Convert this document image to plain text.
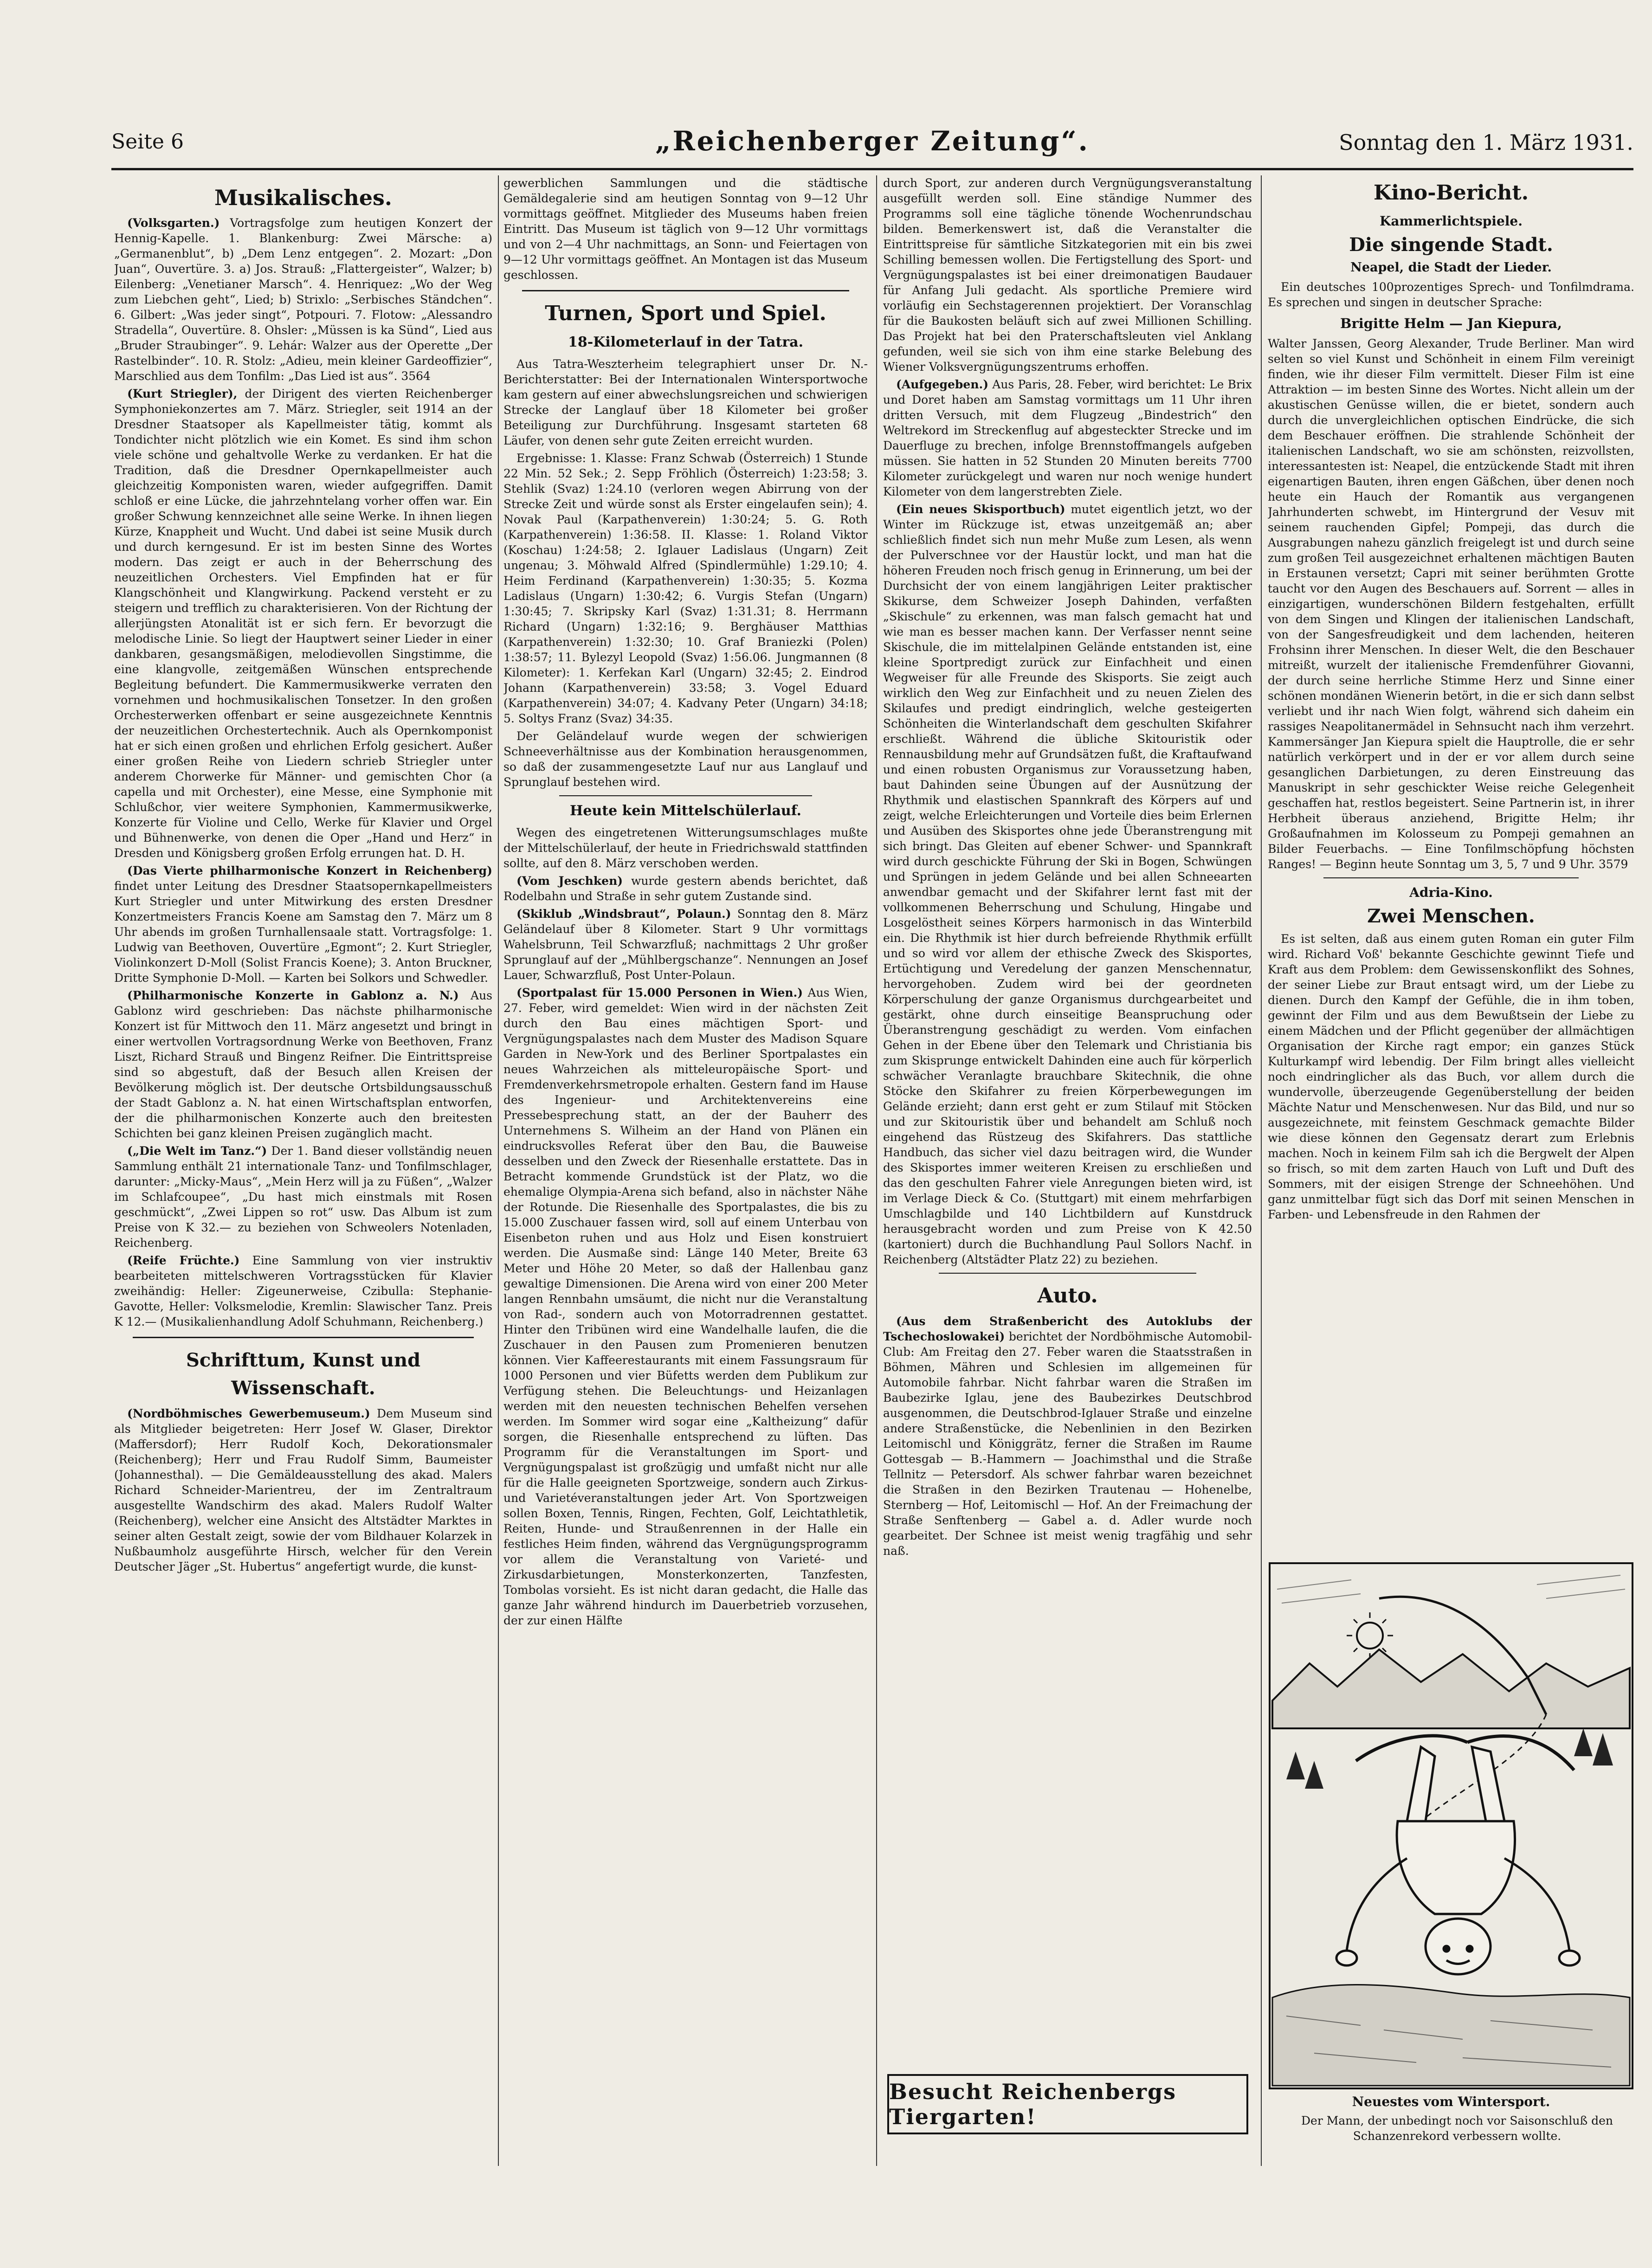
Seite 6	„Reichenberger Zeitung“.	Sonntag den 1. März 1931.
Musikalisches.

(Volksgarten.) Vortragsfolge zum heutigen Konzert der Hennig-Kapelle. 1. Blankenburg: Zwei Märsche: a) „Germanenblut“, b) „Dem Lenz entgegen“. 2. Mozart: „Don Juan“, Ouvertüre. 3. a) Jos. Strauß: „Flattergeister“, Walzer; b) Eilenberg: „Venetianer Marsch“. 4. Henriquez: „Wo der Weg zum Liebchen geht“, Lied; b) Strixlo: „Serbisches Ständchen“. 6. Gilbert: „Was jeder singt“, Potpouri. 7. Flotow: „Alessandro Stradella“, Ouvertüre. 8. Ohsler: „Müssen is ka Sünd“, Lied aus „Bruder Straubinger“. 9. Lehár: Walzer aus der Operette „Der Rastelbinder“. 10. R. Stolz: „Adieu, mein kleiner Gardeoffizier“, Marschlied aus dem Tonfilm: „Das Lied ist aus“. 3564

(Kurt Striegler), der Dirigent des vierten Reichenberger Symphoniekonzertes am 7. März. Striegler, seit 1914 an der Dresdner Staatsoper als Kapellmeister tätig, kommt als Tondichter nicht plötzlich wie ein Komet. Es sind ihm schon viele schöne und gehaltvolle Werke zu verdanken. Er hat die Tradition, daß die Dresdner Opernkapellmeister auch gleichzeitig Komponisten waren, wieder aufgegriffen. Damit schloß er eine Lücke, die jahrzehntelang vorher offen war. Ein großer Schwung kennzeichnet alle seine Werke. In ihnen liegen Kürze, Knappheit und Wucht. Und dabei ist seine Musik durch und durch kerngesund. Er ist im besten Sinne des Wortes modern. Das zeigt er auch in der Beherrschung des neuzeitlichen Orchesters. Viel Empfinden hat er für Klangschönheit und Klangwirkung. Packend versteht er zu steigern und trefflich zu charakterisieren. Von der Richtung der allerjüngsten Atonalität ist er sich fern. Er bevorzugt die melodische Linie. So liegt der Hauptwert seiner Lieder in einer dankbaren, gesangsmäßigen, melodievollen Singstimme, die eine klangvolle, zeitgemäßen Wünschen entsprechende Begleitung befundert. Die Kammermusikwerke verraten den vornehmen und hochmusikalischen Tonsetzer. In den großen Orchesterwerken offenbart er seine ausgezeichnete Kenntnis der neuzeitlichen Orchestertechnik. Auch als Opernkomponist hat er sich einen großen und ehrlichen Erfolg gesichert. Außer einer großen Reihe von Liedern schrieb Striegler unter anderem Chorwerke für Männer- und gemischten Chor (a capella und mit Orchester), eine Messe, eine Symphonie mit Schlußchor, vier weitere Symphonien, Kammermusikwerke, Konzerte für Violine und Cello, Werke für Klavier und Orgel und Bühnenwerke, von denen die Oper „Hand und Herz“ in Dresden und Königsberg großen Erfolg errungen hat. D. H.

(Das Vierte philharmonische Konzert in Reichenberg) findet unter Leitung des Dresdner Staatsopernkapellmeisters Kurt Striegler und unter Mitwirkung des ersten Dresdner Konzertmeisters Francis Koene am Samstag den 7. März um 8 Uhr abends im großen Turnhallensaale statt. Vortragsfolge: 1. Ludwig van Beethoven, Ouvertüre „Egmont“; 2. Kurt Striegler, Violinkonzert D-Moll (Solist Francis Koene); 3. Anton Bruckner, Dritte Symphonie D-Moll. — Karten bei Solkors und Schwedler.

(Philharmonische Konzerte in Gablonz a. N.) Aus Gablonz wird geschrieben: Das nächste philharmonische Konzert ist für Mittwoch den 11. März angesetzt und bringt in einer wertvollen Vortragsordnung Werke von Beethoven, Franz Liszt, Richard Strauß und Bingenz Reifner. Die Eintrittspreise sind so abgestuft, daß der Besuch allen Kreisen der Bevölkerung möglich ist. Der deutsche Ortsbildungsausschuß der Stadt Gablonz a. N. hat einen Wirtschaftsplan entworfen, der die philharmonischen Konzerte auch den breitesten Schichten bei ganz kleinen Preisen zugänglich macht.

(„Die Welt im Tanz.“) Der 1. Band dieser vollständig neuen Sammlung enthält 21 internationale Tanz- und Tonfilmschlager, darunter: „Micky-Maus“, „Mein Herz will ja zu Füßen“, „Walzer im Schlafcoupee“, „Du hast mich einstmals mit Rosen geschmückt“, „Zwei Lippen so rot“ usw. Das Album ist zum Preise von K 32.— zu beziehen von Schweolers Notenladen, Reichenberg.

(Reife Früchte.) Eine Sammlung von vier instruktiv bearbeiteten mittelschweren Vortragsstücken für Klavier zweihändig: Heller: Zigeunerweise, Czibulla: Stephanie-Gavotte, Heller: Volksmelodie, Kremlin: Slawischer Tanz. Preis K 12.— (Musikalienhandlung Adolf Schuhmann, Reichenberg.)

Schrifttum, Kunst und Wissenschaft.

(Nordböhmisches Gewerbemuseum.) Dem Museum sind als Mitglieder beigetreten: Herr Josef W. Glaser, Direktor (Maffersdorf); Herr Rudolf Koch, Dekorationsmaler (Reichenberg); Herr und Frau Rudolf Simm, Baumeister (Johannesthal). — Die Gemäldeausstellung des akad. Malers Richard Schneider-Marientreu, der im Zentraltraum ausgestellte Wandschirm des akad. Malers Rudolf Walter (Reichenberg), welcher eine Ansicht des Altstädter Marktes in seiner alten Gestalt zeigt, sowie der vom Bildhauer Kolarzek in Nußbaumholz ausgeführte Hirsch, welcher für den Verein Deutscher Jäger „St. Hubertus“ angefertigt wurde, die kunst-

gewerblichen Sammlungen und die städtische Gemäldegalerie sind am heutigen Sonntag von 9—12 Uhr vormittags geöffnet. Mitglieder des Museums haben freien Eintritt. Das Museum ist täglich von 9—12 Uhr vormittags und von 2—4 Uhr nachmittags, an Sonn- und Feiertagen von 9—12 Uhr vormittags geöffnet. An Montagen ist das Museum geschlossen.

Turnen, Sport und Spiel.
18-Kilometerlauf in der Tatra.

Aus Tatra-Weszterheim telegraphiert unser Dr. N.-Berichterstatter: Bei der Internationalen Wintersportwoche kam gestern auf einer abwechslungsreichen und schwierigen Strecke der Langlauf über 18 Kilometer bei großer Beteiligung zur Durchführung. Insgesamt starteten 68 Läufer, von denen sehr gute Zeiten erreicht wurden.

Ergebnisse: 1. Klasse: Franz Schwab (Österreich) 1 Stunde 22 Min. 52 Sek.; 2. Sepp Fröhlich (Österreich) 1:23:58; 3. Stehlik (Svaz) 1:24.10 (verloren wegen Abirrung von der Strecke Zeit und würde sonst als Erster eingelaufen sein); 4. Novak Paul (Karpathenverein) 1:30:24; 5. G. Roth (Karpathenverein) 1:36:58. II. Klasse: 1. Roland Viktor (Koschau) 1:24:58; 2. Iglauer Ladislaus (Ungarn) Zeit ungenau; 3. Möhwald Alfred (Spindlermühle) 1:29.10; 4. Heim Ferdinand (Karpathenverein) 1:30:35; 5. Kozma Ladislaus (Ungarn) 1:30:42; 6. Vurgis Stefan (Ungarn) 1:30:45; 7. Skripsky Karl (Svaz) 1:31.31; 8. Herrmann Richard (Ungarn) 1:32:16; 9. Berghäuser Matthias (Karpathenverein) 1:32:30; 10. Graf Braniezki (Polen) 1:38:57; 11. Bylezyl Leopold (Svaz) 1:56.06. Jungmannen (8 Kilometer): 1. Kerfekan Karl (Ungarn) 32:45; 2. Eindrod Johann (Karpathenverein) 33:58; 3. Vogel Eduard (Karpathenverein) 34:07; 4. Kadvany Peter (Ungarn) 34:18; 5. Soltys Franz (Svaz) 34:35.

Der Geländelauf wurde wegen der schwierigen Schneeverhältnisse aus der Kombination herausgenommen, so daß der zusammengesetzte Lauf nur aus Langlauf und Sprunglauf bestehen wird.

Heute kein Mittelschülerlauf.

Wegen des eingetretenen Witterungsumschlages mußte der Mittelschülerlauf, der heute in Friedrichswald stattfinden sollte, auf den 8. März verschoben werden.

(Vom Jeschken) wurde gestern abends berichtet, daß Rodelbahn und Straße in sehr gutem Zustande sind.

(Skiklub „Windsbraut“, Polaun.) Sonntag den 8. März Geländelauf über 8 Kilometer. Start 9 Uhr vormittags Wahelsbrunn, Teil Schwarzfluß; nachmittags 2 Uhr großer Sprunglauf auf der „Mühlbergschanze“. Nennungen an Josef Lauer, Schwarzfluß, Post Unter-Polaun.

(Sportpalast für 15.000 Personen in Wien.) Aus Wien, 27. Feber, wird gemeldet: Wien wird in der nächsten Zeit durch den Bau eines mächtigen Sport- und Vergnügungspalastes nach dem Muster des Madison Square Garden in New-York und des Berliner Sportpalastes ein neues Wahrzeichen als mitteleuropäische Sport- und Fremdenverkehrsmetropole erhalten. Gestern fand im Hause des Ingenieur- und Architektenvereins eine Pressebesprechung statt, an der der Bauherr des Unternehmens S. Wilheim an der Hand von Plänen ein eindrucksvolles Referat über den Bau, die Bauweise desselben und den Zweck der Riesenhalle erstattete. Das in Betracht kommende Grundstück ist der Platz, wo die ehemalige Olympia-Arena sich befand, also in nächster Nähe der Rotunde. Die Riesenhalle des Sportpalastes, die bis zu 15.000 Zuschauer fassen wird, soll auf einem Unterbau von Eisenbeton ruhen und aus Holz und Eisen konstruiert werden. Die Ausmaße sind: Länge 140 Meter, Breite 63 Meter und Höhe 20 Meter, so daß der Hallenbau ganz gewaltige Dimensionen. Die Arena wird von einer 200 Meter langen Rennbahn umsäumt, die nicht nur die Veranstaltung von Rad-, sondern auch von Motorradrennen gestattet. Hinter den Tribünen wird eine Wandelhalle laufen, die die Zuschauer in den Pausen zum Promenieren benutzen können. Vier Kaffeerestaurants mit einem Fassungsraum für 1000 Personen und vier Büfetts werden dem Publikum zur Verfügung stehen. Die Beleuchtungs- und Heizanlagen werden mit den neuesten technischen Behelfen versehen werden. Im Sommer wird sogar eine „Kaltheizung“ dafür sorgen, die Riesenhalle entsprechend zu lüften. Das Programm für die Veranstaltungen im Sport- und Vergnügungspalast ist großzügig und umfaßt nicht nur alle für die Halle geeigneten Sportzweige, sondern auch Zirkus- und Varietéveranstaltungen jeder Art. Von Sportzweigen sollen Boxen, Tennis, Ringen, Fechten, Golf, Leichtathletik, Reiten, Hunde- und Straußenrennen in der Halle ein festliches Heim finden, während das Vergnügungsprogramm vor allem die Veranstaltung von Varieté- und Zirkusdarbietungen, Monsterkonzerten, Tanzfesten, Tombolas vorsieht. Es ist nicht daran gedacht, die Halle das ganze Jahr während hindurch im Dauerbetrieb vorzusehen, der zur einen Hälfte

durch Sport, zur anderen durch Vergnügungsveranstaltung ausgefüllt werden soll. Eine ständige Nummer des Programms soll eine tägliche tönende Wochenrundschau bilden. Bemerkenswert ist, daß die Veranstalter die Eintrittspreise für sämtliche Sitzkategorien mit ein bis zwei Schilling bemessen wollen. Die Fertigstellung des Sport- und Vergnügungspalastes ist bei einer dreimonatigen Baudauer für Anfang Juli gedacht. Als sportliche Premiere wird vorläufig ein Sechstagerennen projektiert. Der Voranschlag für die Baukosten beläuft sich auf zwei Millionen Schilling. Das Projekt hat bei den Praterschaftsleuten viel Anklang gefunden, weil sie sich von ihm eine starke Belebung des Wiener Volksvergnügungszentrums erhoffen.

(Aufgegeben.) Aus Paris, 28. Feber, wird berichtet: Le Brix und Doret haben am Samstag vormittags um 11 Uhr ihren dritten Versuch, mit dem Flugzeug „Bindestrich“ den Weltrekord im Streckenflug auf abgesteckter Strecke und im Dauerfluge zu brechen, infolge Brennstoffmangels aufgeben müssen. Sie hatten in 52 Stunden 20 Minuten bereits 7700 Kilometer zurückgelegt und waren nur noch wenige hundert Kilometer von dem langerstrebten Ziele.

(Ein neues Skisportbuch) mutet eigentlich jetzt, wo der Winter im Rückzuge ist, etwas unzeitgemäß an; aber schließlich findet sich nun mehr Muße zum Lesen, als wenn der Pulverschnee vor der Haustür lockt, und man hat die höheren Freuden noch frisch genug in Erinnerung, um bei der Durchsicht der von einem langjährigen Leiter praktischer Skikurse, dem Schweizer Joseph Dahinden, verfaßten „Skischule“ zu erkennen, was man falsch gemacht hat und wie man es besser machen kann. Der Verfasser nennt seine Skischule, die im mittelalpinen Gelände entstanden ist, eine kleine Sportpredigt zurück zur Einfachheit und einen Wegweiser für alle Freunde des Skisports. Sie zeigt auch wirklich den Weg zur Einfachheit und zu neuen Zielen des Skilaufes und predigt eindringlich, welche gesteigerten Schönheiten die Winterlandschaft dem geschulten Skifahrer erschließt. Während die übliche Skitouristik oder Rennausbildung mehr auf Grundsätzen fußt, die Kraftaufwand und einen robusten Organismus zur Voraussetzung haben, baut Dahinden seine Übungen auf der Ausnützung der Rhythmik und elastischen Spannkraft des Körpers auf und zeigt, welche Erleichterungen und Vorteile dies beim Erlernen und Ausüben des Skisportes ohne jede Überanstrengung mit sich bringt. Das Gleiten auf ebener Schwer- und Spannkraft wird durch geschickte Führung der Ski in Bogen, Schwüngen und Sprüngen in jedem Gelände und bei allen Schneearten anwendbar gemacht und der Skifahrer lernt fast mit der vollkommenen Beherrschung und Schulung, Hingabe und Losgelöstheit seines Körpers harmonisch in das Winterbild ein. Die Rhythmik ist hier durch befreiende Rhythmik erfüllt und so wird vor allem der ethische Zweck des Skisportes, Ertüchtigung und Veredelung der ganzen Menschennatur, hervorgehoben. Zudem wird bei der geordneten Körperschulung der ganze Organismus durchgearbeitet und gestärkt, ohne durch einseitige Beanspruchung oder Überanstrengung geschädigt zu werden. Vom einfachen Gehen in der Ebene über den Telemark und Christiania bis zum Skisprunge entwickelt Dahinden eine auch für körperlich schwächer Veranlagte brauchbare Skitechnik, die ohne Stöcke den Skifahrer zu freien Körperbewegungen im Gelände erzieht; dann erst geht er zum Stilauf mit Stöcken und zur Skitouristik über und behandelt am Schluß noch eingehend das Rüstzeug des Skifahrers. Das stattliche Handbuch, das sicher viel dazu beitragen wird, die Wunder des Skisportes immer weiteren Kreisen zu erschließen und das den geschulten Fahrer viele Anregungen bieten wird, ist im Verlage Dieck & Co. (Stuttgart) mit einem mehrfarbigen Umschlagbilde und 140 Lichtbildern auf Kunstdruck herausgebracht worden und zum Preise von K 42.50 (kartoniert) durch die Buchhandlung Paul Sollors Nachf. in Reichenberg (Altstädter Platz 22) zu beziehen.

Auto.

(Aus dem Straßenbericht des Autoklubs der Tschechoslowakei) berichtet der Nordböhmische Automobil-Club: Am Freitag den 27. Feber waren die Staatsstraßen in Böhmen, Mähren und Schlesien im allgemeinen für Automobile fahrbar. Nicht fahrbar waren die Straßen im Baubezirke Iglau, jene des Baubezirkes Deutschbrod ausgenommen, die Deutschbrod-Iglauer Straße und einzelne andere Straßenstücke, die Nebenlinien in den Bezirken Leitomischl und Königgrätz, ferner die Straßen im Raume Gottesgab — B.-Hammern — Joachimsthal und die Straße Tellnitz — Petersdorf. Als schwer fahrbar waren bezeichnet die Straßen in den Bezirken Trautenau — Hohenelbe, Sternberg — Hof, Leitomischl — Hof. An der Freimachung der Straße Senftenberg — Gabel a. d. Adler wurde noch gearbeitet. Der Schnee ist meist wenig tragfähig und sehr naß.

Besucht Reichenbergs Tiergarten!
Kino-Bericht.
Kammerlichtspiele.
Die singende Stadt.
Neapel, die Stadt der Lieder.

Ein deutsches 100prozentiges Sprech- und Tonfilmdrama. Es sprechen und singen in deutscher Sprache:

Brigitte Helm — Jan Kiepura,

Walter Janssen, Georg Alexander, Trude Berliner. Man wird selten so viel Kunst und Schönheit in einem Film vereinigt finden, wie ihr dieser Film vermittelt. Dieser Film ist eine Attraktion — im besten Sinne des Wortes. Nicht allein um der akustischen Genüsse willen, die er bietet, sondern auch durch die unvergleichlichen optischen Eindrücke, die sich dem Beschauer eröffnen. Die strahlende Schönheit der italienischen Landschaft, wo sie am schönsten, reizvollsten, interessantesten ist: Neapel, die entzückende Stadt mit ihren eigenartigen Bauten, ihren engen Gäßchen, über denen noch heute ein Hauch der Romantik aus vergangenen Jahrhunderten schwebt, im Hintergrund der Vesuv mit seinem rauchenden Gipfel; Pompeji, das durch die Ausgrabungen nahezu gänzlich freigelegt ist und durch seine zum großen Teil ausgezeichnet erhaltenen mächtigen Bauten in Erstaunen versetzt; Capri mit seiner berühmten Grotte taucht vor den Augen des Beschauers auf. Sorrent — alles in einzigartigen, wunderschönen Bildern festgehalten, erfüllt von dem Singen und Klingen der italienischen Landschaft, von der Sangesfreudigkeit und dem lachenden, heiteren Frohsinn ihrer Menschen. In dieser Welt, die den Beschauer mitreißt, wurzelt der italienische Fremdenführer Giovanni, der durch seine herrliche Stimme Herz und Sinne einer schönen mondänen Wienerin betört, in die er sich dann selbst verliebt und ihr nach Wien folgt, während sich daheim ein rassiges Neapolitanermädel in Sehnsucht nach ihm verzehrt. Kammersänger Jan Kiepura spielt die Hauptrolle, die er sehr natürlich verkörpert und in der er vor allem durch seine gesanglichen Darbietungen, zu deren Einstreuung das Manuskript in sehr geschickter Weise reiche Gelegenheit geschaffen hat, restlos begeistert. Seine Partnerin ist, in ihrer Herbheit überaus anziehend, Brigitte Helm; ihr Großaufnahmen im Kolosseum zu Pompeji gemahnen an Bilder Feuerbachs. — Eine Tonfilmschöpfung höchsten Ranges! — Beginn heute Sonntag um 3, 5, 7 und 9 Uhr. 3579

Adria-Kino.
Zwei Menschen.

Es ist selten, daß aus einem guten Roman ein guter Film wird. Richard Voß' bekannte Geschichte gewinnt Tiefe und Kraft aus dem Problem: dem Gewissenskonflikt des Sohnes, der seiner Liebe zur Braut entsagt wird, um der Liebe zu dienen. Durch den Kampf der Gefühle, die in ihm toben, gewinnt der Film und aus dem Bewußtsein der Liebe zu einem Mädchen und der Pflicht gegenüber der allmächtigen Organisation der Kirche ragt empor; ein ganzes Stück Kulturkampf wird lebendig. Der Film bringt alles vielleicht noch eindringlicher als das Buch, vor allem durch die wundervolle, überzeugende Gegenüberstellung der beiden Mächte Natur und Menschenwesen. Nur das Bild, und nur so ausgezeichnete, mit feinstem Geschmack gemachte Bilder wie diese können den Gegensatz derart zum Erlebnis machen. Noch in keinem Film sah ich die Bergwelt der Alpen so frisch, so mit dem zarten Hauch von Luft und Duft des Sommers, mit der eisigen Strenge der Schneehöhen. Und ganz unmittelbar fügt sich das Dorf mit seinen Menschen in Farben- und Lebensfreude in den Rahmen der

Neuestes vom Wintersport.
Der Mann, der unbedingt noch vor Saisonschluß den Schanzenrekord verbessern wollte.
